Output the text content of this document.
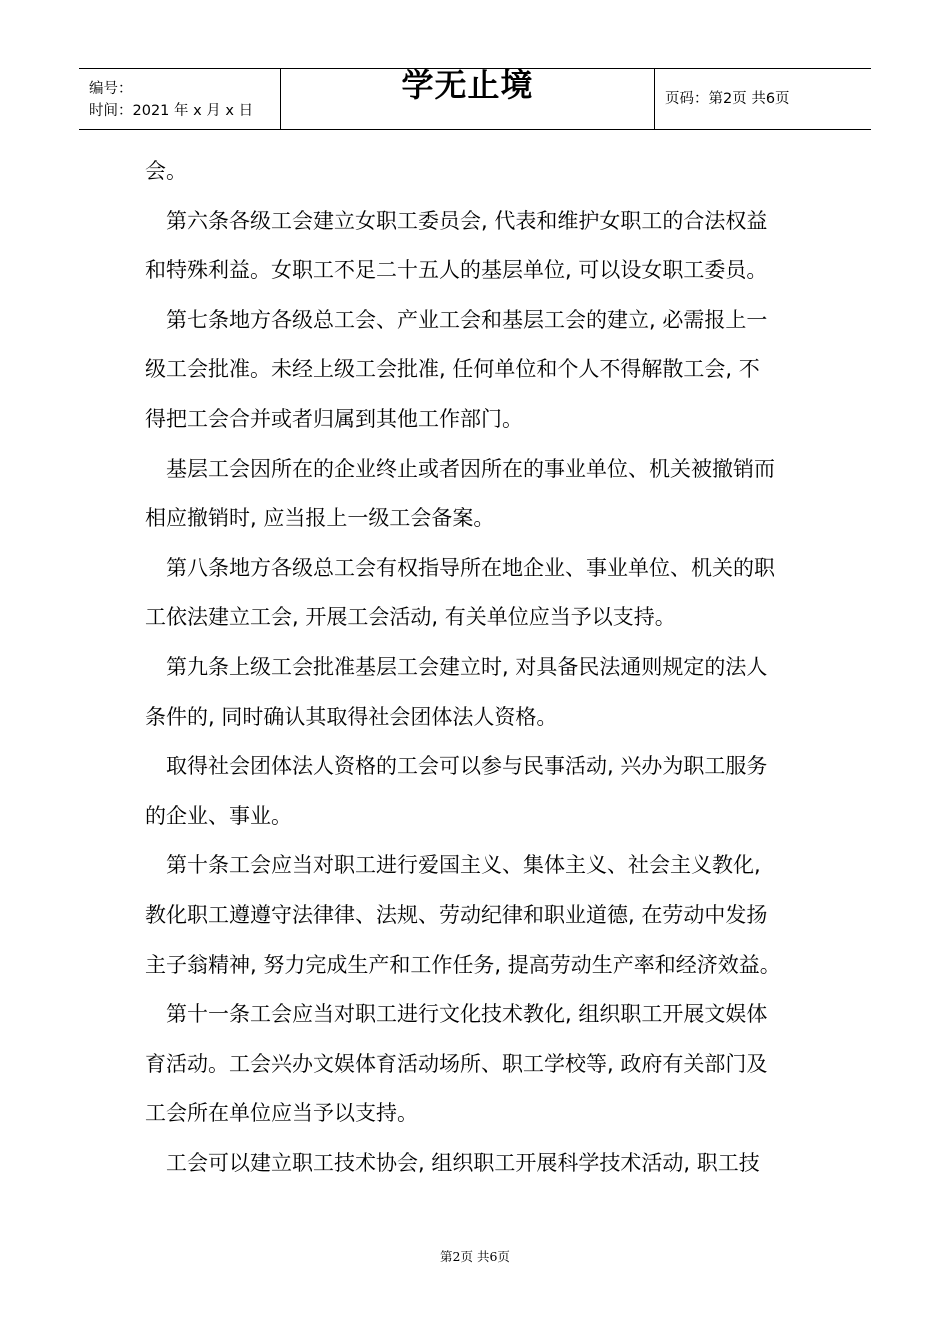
编号：
时间：2021 年 x 月 x 日
学无止境	页码：第2页 共6页
会。
第六条各级工会建立女职工委员会, 代表和维护女职工的合法权益
和特殊利益。女职工不足二十五人的基层单位, 可以设女职工委员。
第七条地方各级总工会、产业工会和基层工会的建立, 必需报上一
级工会批准。未经上级工会批准, 任何单位和个人不得解散工会, 不
得把工会合并或者归属到其他工作部门。
基层工会因所在的企业终止或者因所在的事业单位、机关被撤销而
相应撤销时, 应当报上一级工会备案。
第八条地方各级总工会有权指导所在地企业、事业单位、机关的职
工依法建立工会, 开展工会活动, 有关单位应当予以支持。
第九条上级工会批准基层工会建立时, 对具备民法通则规定的法人
条件的, 同时确认其取得社会团体法人资格。
取得社会团体法人资格的工会可以参与民事活动, 兴办为职工服务
的企业、事业。
第十条工会应当对职工进行爱国主义、集体主义、社会主义教化,
教化职工遵遵守法律律、法规、劳动纪律和职业道德, 在劳动中发扬
主子翁精神, 努力完成生产和工作任务, 提高劳动生产率和经济效益。
第十一条工会应当对职工进行文化技术教化, 组织职工开展文娱体
育活动。工会兴办文娱体育活动场所、职工学校等, 政府有关部门及
工会所在单位应当予以支持。
工会可以建立职工技术协会, 组织职工开展科学技术活动, 职工技
第2页 共6页
